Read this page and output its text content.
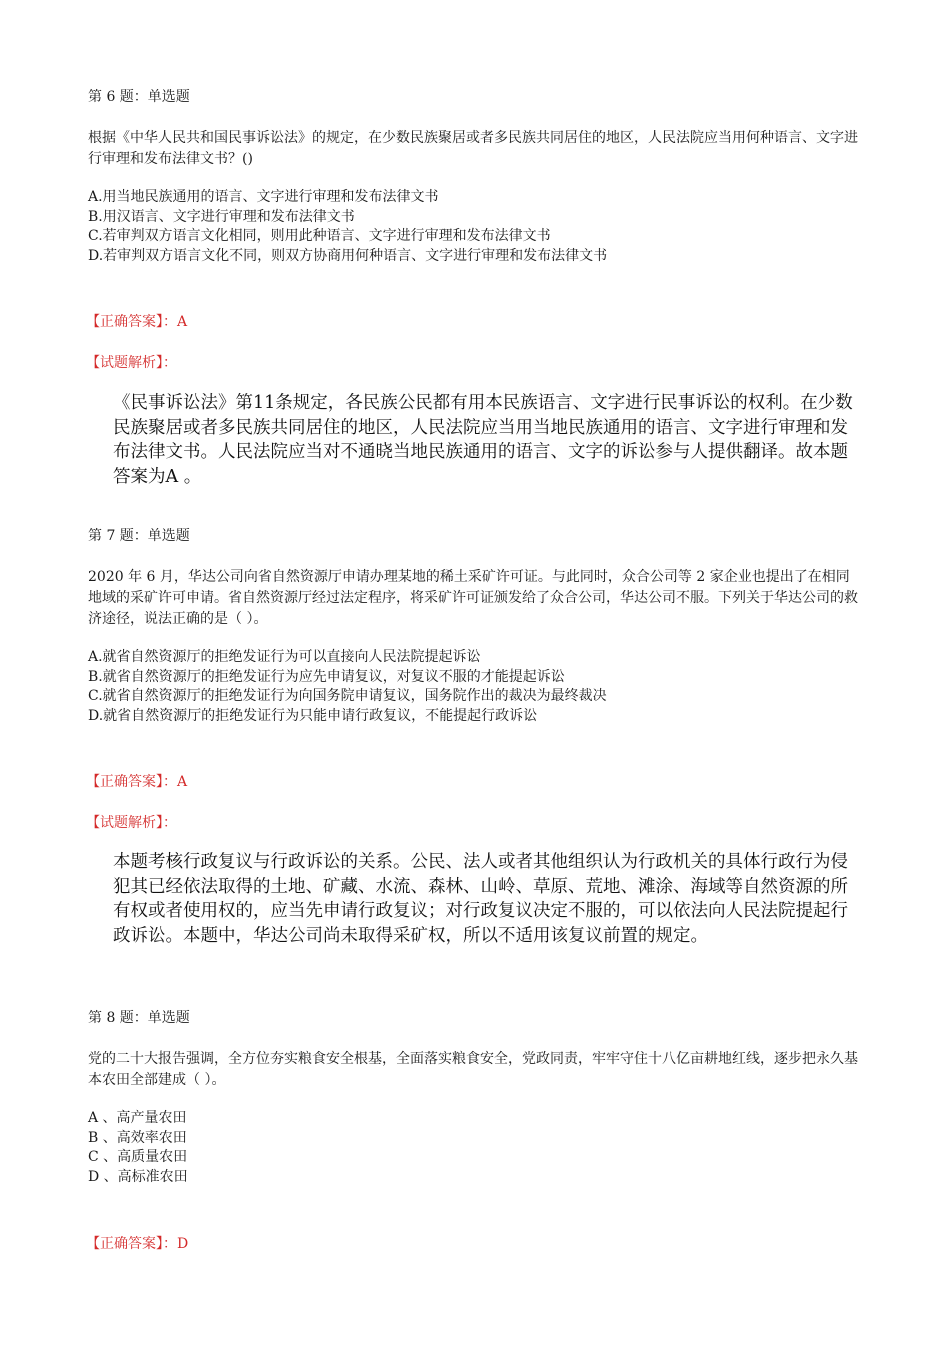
第 6 题：单选题
根据《中华人民共和国民事诉讼法》的规定，在少数民族聚居或者多民族共同居住的地区，人民法院应当用何种语言、文字进行审理和发布法律文书？()
A.用当地民族通用的语言、文字进行审理和发布法律文书
B.用汉语言、文字进行审理和发布法律文书
C.若审判双方语言文化相同，则用此种语言、文字进行审理和发布法律文书
D.若审判双方语言文化不同，则双方协商用何种语言、文字进行审理和发布法律文书
【正确答案】：A
【试题解析】：
《民事诉讼法》第11条规定，各民族公民都有用本民族语言、文字进行民事诉讼的权利。在少数民族聚居或者多民族共同居住的地区，人民法院应当用当地民族通用的语言、文字进行审理和发布法律文书。人民法院应当对不通晓当地民族通用的语言、文字的诉讼参与人提供翻译。故本题答案为A 。
第 7 题：单选题
2020 年 6 月，华达公司向省自然资源厅申请办理某地的稀土采矿许可证。与此同时，众合公司等 2 家企业也提出了在相同地域的采矿许可申请。省自然资源厅经过法定程序，将采矿许可证颁发给了众合公司，华达公司不服。下列关于华达公司的救济途径，说法正确的是（ ）。
A.就省自然资源厅的拒绝发证行为可以直接向人民法院提起诉讼
B.就省自然资源厅的拒绝发证行为应先申请复议，对复议不服的才能提起诉讼
C.就省自然资源厅的拒绝发证行为向国务院申请复议，国务院作出的裁决为最终裁决
D.就省自然资源厅的拒绝发证行为只能申请行政复议，不能提起行政诉讼
【正确答案】：A
【试题解析】：
本题考核行政复议与行政诉讼的关系。公民、法人或者其他组织认为行政机关的具体行政行为侵犯其已经依法取得的土地、矿藏、水流、森林、山岭、草原、荒地、滩涂、海域等自然资源的所有权或者使用权的，应当先申请行政复议；对行政复议决定不服的，可以依法向人民法院提起行政诉讼。本题中，华达公司尚未取得采矿权，所以不适用该复议前置的规定。
第 8 题：单选题
党的二十大报告强调，全方位夯实粮食安全根基，全面落实粮食安全，党政同责，牢牢守住十八亿亩耕地红线，逐步把永久基本农田全部建成（ ）。
A 、高产量农田
B 、高效率农田
C 、高质量农田
D 、高标准农田
【正确答案】：D
